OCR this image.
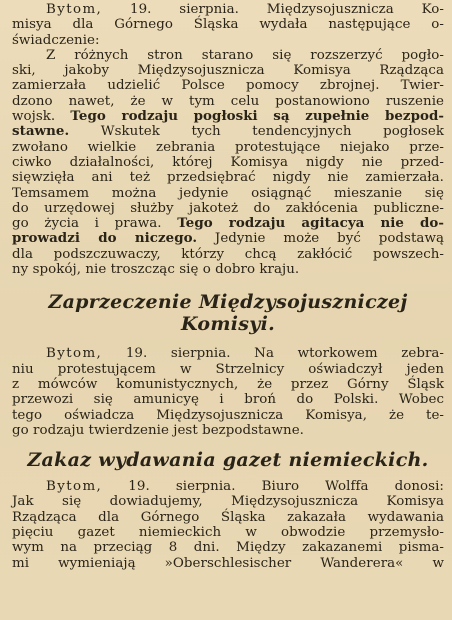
Bytom, 19. sierpnia. Międzysojusznicza Ko-
misya dla Górnego Śląska wydała następujące o-
świadczenie:
Z różnych stron starano się rozszerzyć pogło-
ski, jakoby Międzysojusznicza Komisya Rządząca
zamierzała udzielić Polsce pomocy zbrojnej. Twier-
dzono nawet, że w tym celu postanowiono ruszenie
wojsk. Tego rodzaju pogłoski są zupełnie bezpod-
stawne. Wskutek tych tendencyjnych pogłosek
zwołano wielkie zebrania protestujące niejako prze-
ciwko działalności, której Komisya nigdy nie przed-
sięwzięła ani też przedsiębrać nigdy nie zamierzała.
Temsamem można jedynie osiągnąć mieszanie się
do urzędowej służby jakoteż do zakłócenia publiczne-
go życia i prawa. Tego rodzaju agitacya nie do-
prowadzi do niczego. Jedynie może być podstawą
dla podszczuwaczy, którzy chcą zakłócić powszech-
ny spokój, nie troszcząc się o dobro kraju.
Zaprzeczenie Międzysojuszniczej Komisyi.
Bytom, 19. sierpnia. Na wtorkowem zebra-
niu protestującem w Strzelnicy oświadczył jeden
z mówców komunistycznych, że przez Górny Śląsk
przewozi się amunicyę i broń do Polski. Wobec
tego oświadcza Międzysojusznicza Komisya, że te-
go rodzaju twierdzenie jest bezpodstawne.
Zakaz wydawania gazet niemieckich.
Bytom, 19. sierpnia. Biuro Wolffa donosi:
Jak się dowiadujemy, Międzysojusznicza Komisya
Rządząca dla Górnego Śląska zakazała wydawania
pięciu gazet niemieckich w obwodzie przemysło-
wym na przeciąg 8 dni. Między zakazanemi pisma-
mi wymieniają »Oberschlesischer Wanderera« w
